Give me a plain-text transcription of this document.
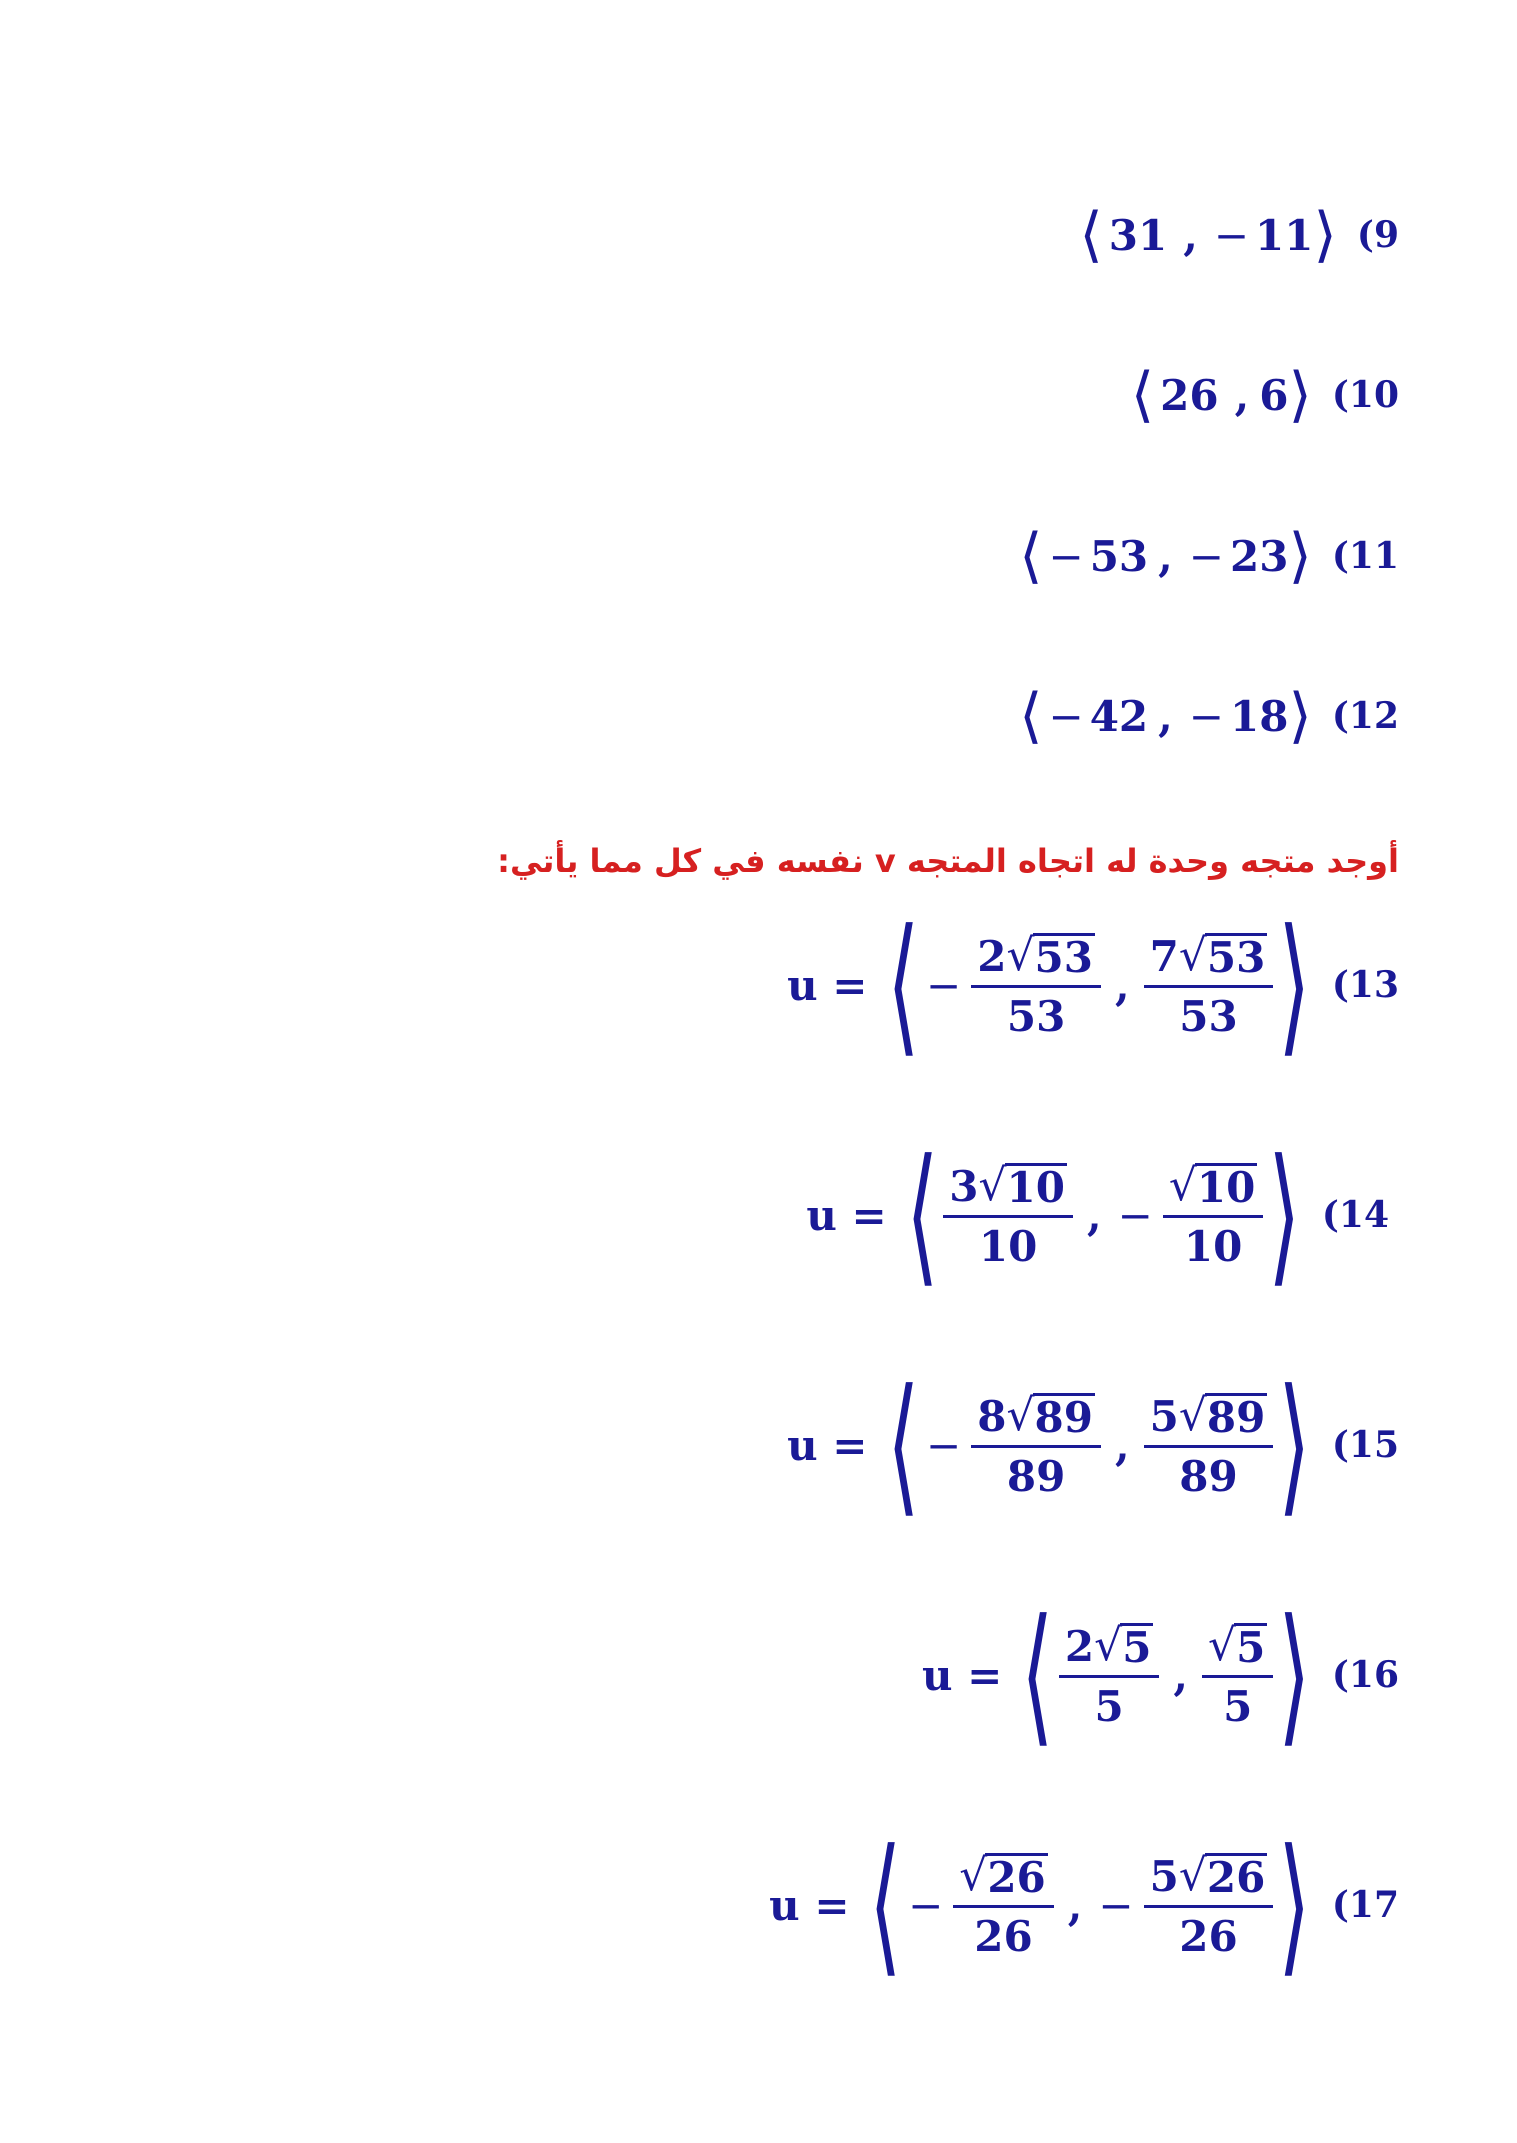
⟨ 31 , − 11 ⟩ (9
⟨ 26 , 6 ⟩ (10
⟨ − 53 , − 23 ⟩ (11
⟨ − 42 , − 18 ⟩ (12
أوجد متجه وحدة له اتجاه المتجه v نفسه في كل مما يأتي:
u = ⟨ − $\frac{2 √ 53}{53}$ , $\frac{7 √ 53}{53}$ ⟩ (13
u = ⟨ $\frac{3 √ 10}{10}$ , − $\frac{√ 10}{10}$ ⟩ (14
u = ⟨ − $\frac{8 √ 89}{89}$ , $\frac{5 √ 89}{89}$ ⟩ (15
u = ⟨ $\frac{2 √ 5}{5}$ , $\frac{√ 5}{5}$ ⟩ (16
u = ⟨ − $\frac{√ 26}{26}$ , − $\frac{5 √ 26}{26}$ ⟩ (17
